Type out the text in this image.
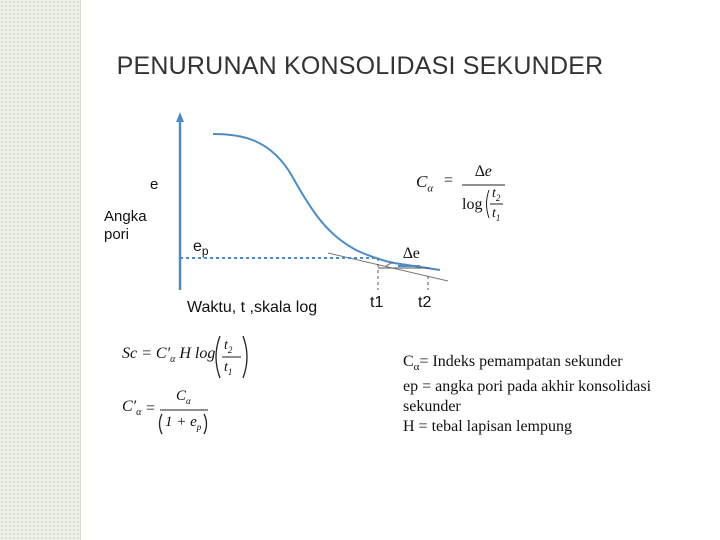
PENURUNAN KONSOLIDASI SEKUNDER
e
Angka
pori
$e_p$	∆e
Waktu, t ,skala log	t1 t2
$C_\alpha$ =
∆e
log
$t_2$
$t_1$
$Sc = C'_\alpha$ H $\log t_2$
$t_1$
$C'_\alpha$ =
$C_\alpha$
$1 + e_p$
$C_\alpha=$ Indeks pemampatan sekunder
ep = angka pori pada akhir konsolidasi
sekunder
H = tebal lapisan lempung
